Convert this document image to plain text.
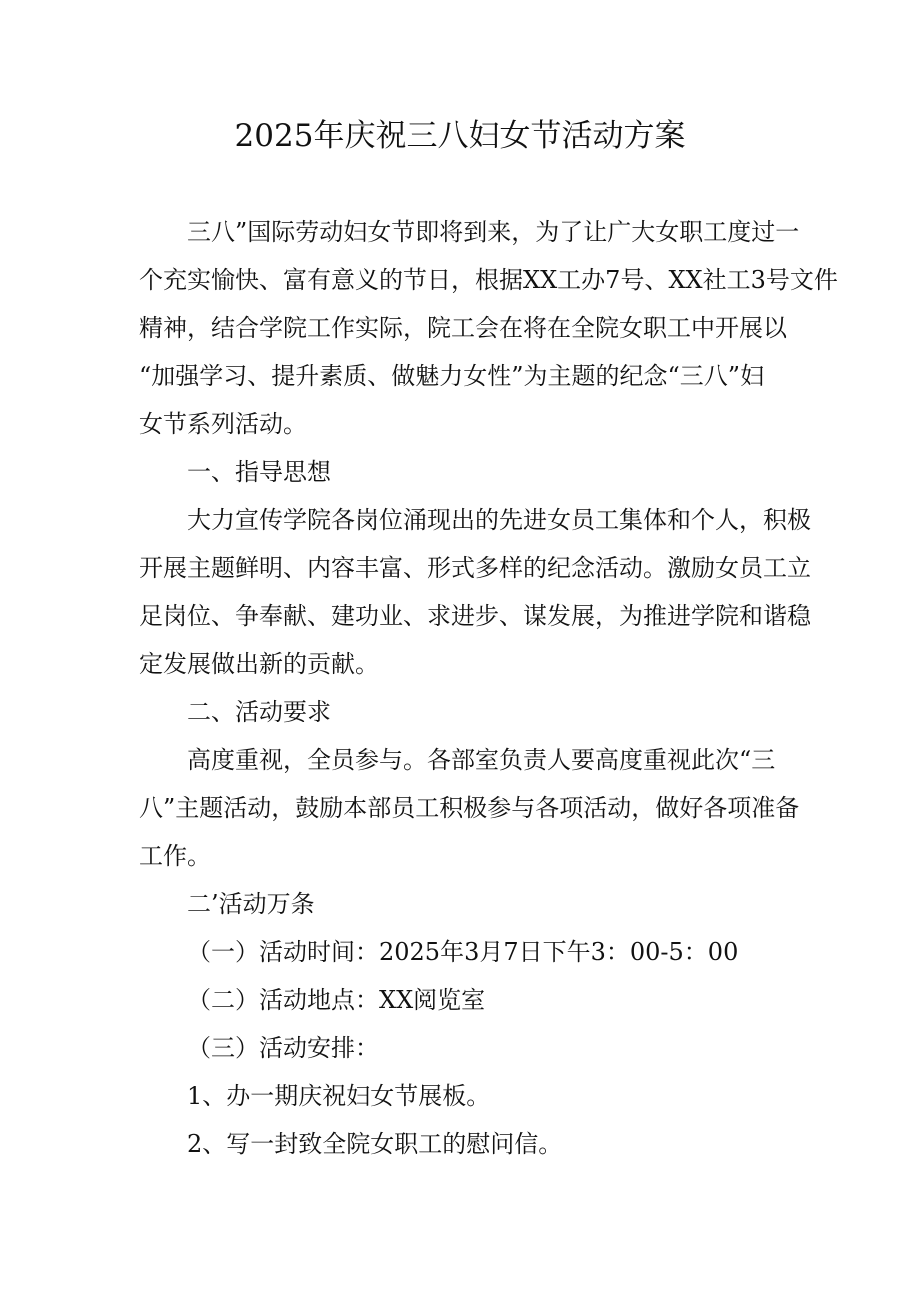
2025年庆祝三八妇女节活动方案
三八”国际劳动妇女节即将到来，为了让广大女职工度过一
个充实愉快、富有意义的节日，根据XX工办7号、XX社工3号文件
精神，结合学院工作实际，院工会在将在全院女职工中开展以
“加强学习、提升素质、做魅力女性”为主题的纪念“三八”妇
女节系列活动。
一、指导思想
大力宣传学院各岗位涌现出的先进女员工集体和个人，积极
开展主题鲜明、内容丰富、形式多样的纪念活动。激励女员工立
足岗位、争奉献、建功业、求进步、谋发展，为推进学院和谐稳
定发展做出新的贡献。
二、活动要求
高度重视，全员参与。各部室负责人要高度重视此次“三
八”主题活动，鼓励本部员工积极参与各项活动，做好各项准备
工作。
二’活动万条
（一）活动时间：2025年3月7日下午3：00-5：00
（二）活动地点：XX阅览室
（三）活动安排：
1、办一期庆祝妇女节展板。
2、写一封致全院女职工的慰问信。
